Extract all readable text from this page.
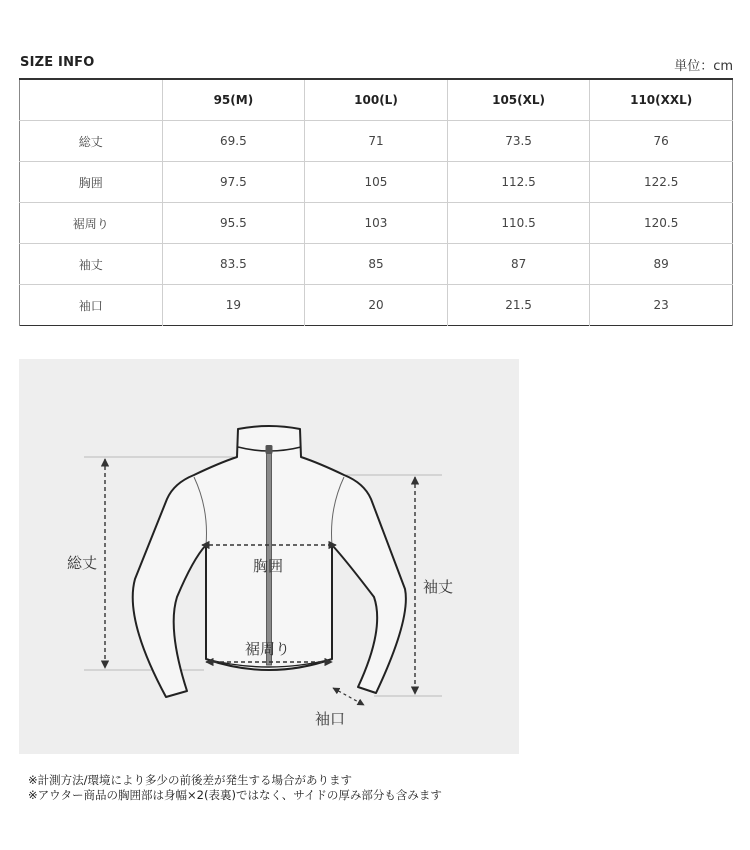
SIZE INFO	単位：cm
	95(M)	100(L)	105(XL)	110(XXL)
総丈	69.5	71	73.5	76
胸囲	97.5	105	112.5	122.5
裾周り	95.5	103	110.5	120.5
袖丈	83.5	85	87	89
袖口	19	20	21.5	23
総丈	胸囲
裾周り
袖丈
袖口
※計測方法/環境により多少の前後差が発生する場合があります
※アウター商品の胸囲部は身幅×2(表裏)ではなく、サイドの厚み部分も含みます
